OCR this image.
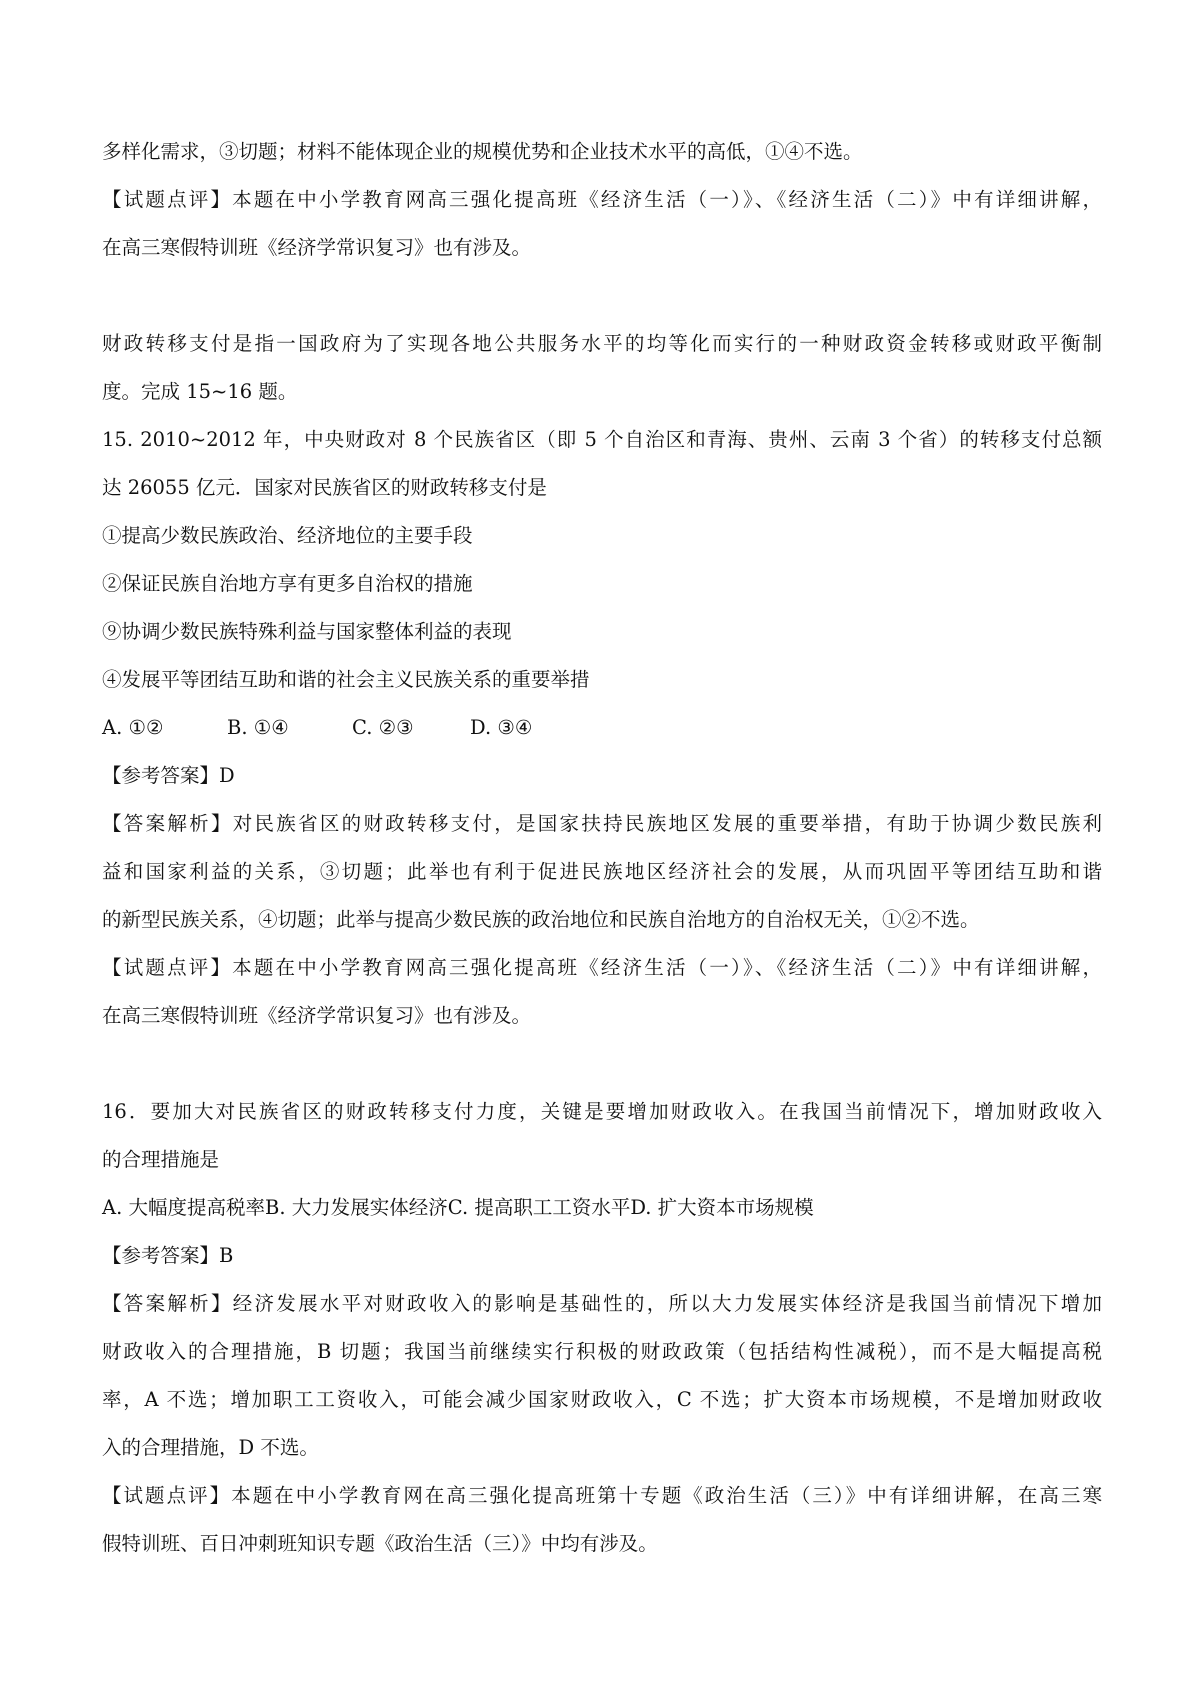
多样化需求，③切题；材料不能体现企业的规模优势和企业技术水平的高低，①④不选。
【试题点评】本题在中小学教育网高三强化提高班《经济生活（一）》、《经济生活（二）》中有详细讲解，
在高三寒假特训班《经济学常识复习》也有涉及。
财政转移支付是指一国政府为了实现各地公共服务水平的均等化而实行的一种财政资金转移或财政平衡制
度。完成 15~16 题。
15. 2010~2012 年，中央财政对 8 个民族省区（即 5 个自治区和青海、贵州、云南 3 个省）的转移支付总额
达 26055 亿元．国家对民族省区的财政转移支付是
①提高少数民族政治、经济地位的主要手段
②保证民族自治地方享有更多自治权的措施
⑨协调少数民族特殊利益与国家整体利益的表现
④发展平等团结互助和谐的社会主义民族关系的重要举措
A. ①②	B. ①④	C. ②③	D. ③④
【参考答案】D
【答案解析】对民族省区的财政转移支付，是国家扶持民族地区发展的重要举措，有助于协调少数民族利
益和国家利益的关系，③切题；此举也有利于促进民族地区经济社会的发展，从而巩固平等团结互助和谐
的新型民族关系，④切题；此举与提高少数民族的政治地位和民族自治地方的自治权无关，①②不选。
【试题点评】本题在中小学教育网高三强化提高班《经济生活（一）》、《经济生活（二）》中有详细讲解，
在高三寒假特训班《经济学常识复习》也有涉及。
16．要加大对民族省区的财政转移支付力度，关键是要增加财政收入。在我国当前情况下，增加财政收入
的合理措施是
A. 大幅度提高税率B. 大力发展实体经济C. 提高职工工资水平D. 扩大资本市场规模
【参考答案】B
【答案解析】经济发展水平对财政收入的影响是基础性的，所以大力发展实体经济是我国当前情况下增加
财政收入的合理措施，B 切题；我国当前继续实行积极的财政政策（包括结构性减税），而不是大幅提高税
率，A 不选；增加职工工资收入，可能会减少国家财政收入，C 不选；扩大资本市场规模，不是增加财政收
入的合理措施，D 不选。
【试题点评】本题在中小学教育网在高三强化提高班第十专题《政治生活（三）》中有详细讲解，在高三寒
假特训班、百日冲刺班知识专题《政治生活（三）》中均有涉及。
